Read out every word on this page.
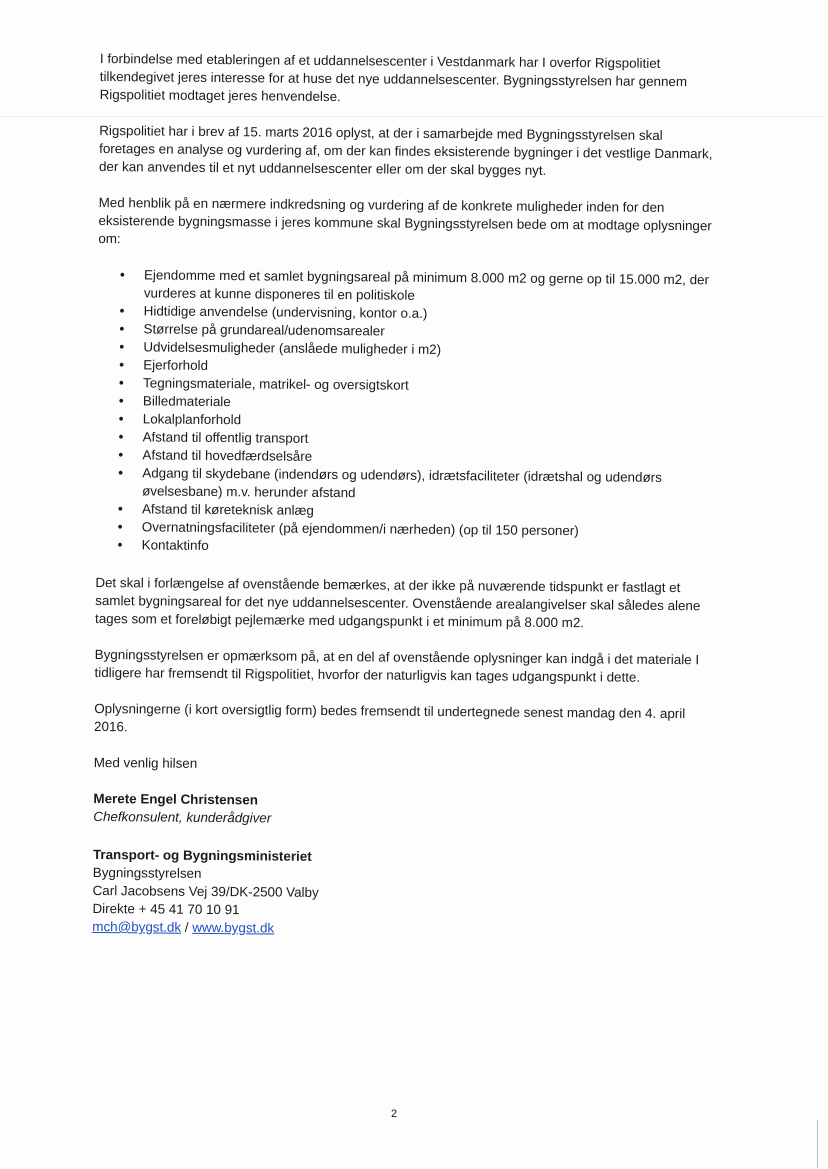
I forbindelse med etableringen af et uddannelsescenter i Vestdanmark har I overfor Rigspolitiet tilkendegivet jeres interesse for at huse det nye uddannelsescenter. Bygningsstyrelsen har gennem Rigspolitiet modtaget jeres henvendelse.

Rigspolitiet har i brev af 15. marts 2016 oplyst, at der i samarbejde med Bygningsstyrelsen skal foretages en analyse og vurdering af, om der kan findes eksisterende bygninger i det vestlige Danmark, der kan anvendes til et nyt uddannelsescenter eller om der skal bygges nyt.

Med henblik på en nærmere indkredsning og vurdering af de konkrete muligheder inden for den eksisterende bygningsmasse i jeres kommune skal Bygningsstyrelsen bede om at modtage oplysninger om:

• Ejendomme med et samlet bygningsareal på minimum 8.000 m2 og gerne op til 15.000 m2, der vurderes at kunne disponeres til en politiskole
• Hidtidige anvendelse (undervisning, kontor o.a.)
• Størrelse på grundareal/udenomsarealer
• Udvidelsesmuligheder (anslåede muligheder i m2)
• Ejerforhold
• Tegningsmateriale, matrikel- og oversigtskort
• Billedmateriale
• Lokalplanforhold
• Afstand til offentlig transport
• Afstand til hovedfærdselsåre
• Adgang til skydebane (indendørs og udendørs), idrætsfaciliteter (idrætshal og udendørs øvelsesbane) m.v. herunder afstand
• Afstand til køreteknisk anlæg
• Overnatningsfaciliteter (på ejendommen/i nærheden) (op til 150 personer)
• Kontaktinfo

Det skal i forlængelse af ovenstående bemærkes, at der ikke på nuværende tidspunkt er fastlagt et samlet bygningsareal for det nye uddannelsescenter. Ovenstående arealangivelser skal således alene tages som et foreløbigt pejlemærke med udgangspunkt i et minimum på 8.000 m2.

Bygningsstyrelsen er opmærksom på, at en del af ovenstående oplysninger kan indgå i det materiale I tidligere har fremsendt til Rigspolitiet, hvorfor der naturligvis kan tages udgangspunkt i dette.

Oplysningerne (i kort oversigtlig form) bedes fremsendt til undertegnede senest mandag den 4. april 2016.

Med venlig hilsen

Merete Engel Christensen
Chefkonsulent, kunderådgiver
Transport- og Bygningsministeriet
Bygningsstyrelsen
Carl Jacobsens Vej 39/DK-2500 Valby
Direkte + 45 41 70 10 91
mch@bygst.dk / www.bygst.dk
2
